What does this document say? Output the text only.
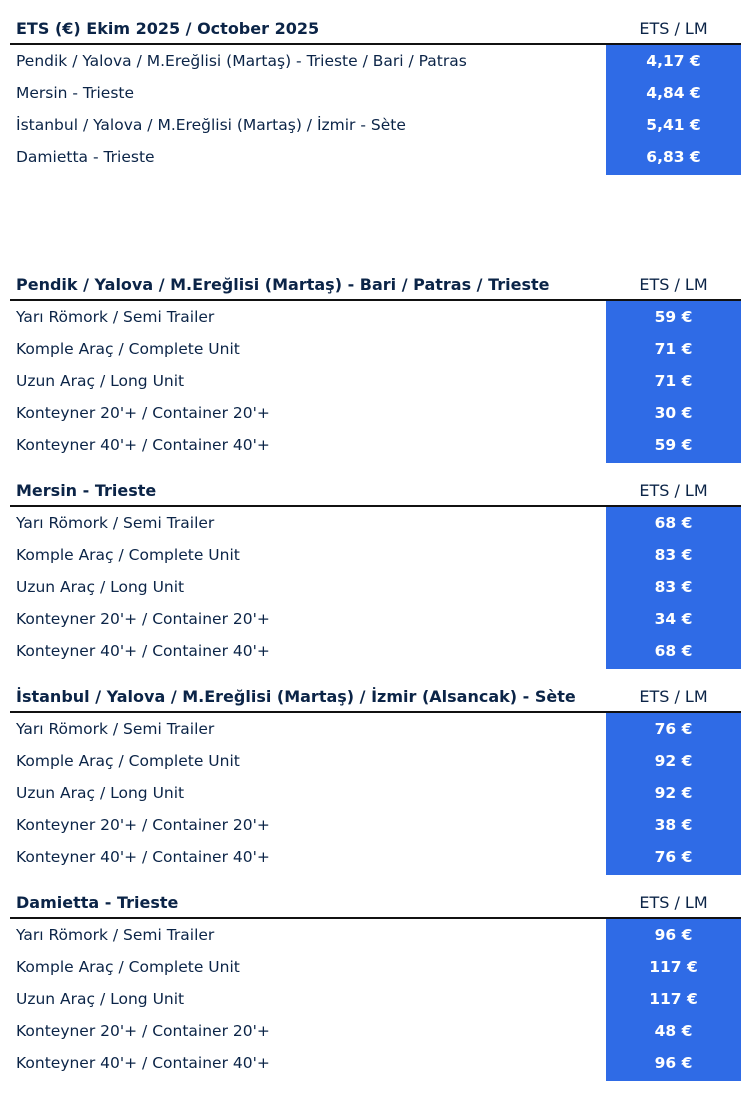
ETS (€) Ekim 2025 / October 2025	ETS / LM
Pendik / Yalova / M.Ereğlisi (Martaş) - Trieste / Bari / Patras	4,17 €
Mersin - Trieste	4,84 €
İstanbul / Yalova / M.Ereğlisi (Martaş) / İzmir - Sète	5,41 €
Damietta - Trieste	6,83 €
Pendik / Yalova / M.Ereğlisi (Martaş) - Bari / Patras / Trieste	ETS / LM
Yarı Römork / Semi Trailer	59 €
Komple Araç / Complete Unit	71 €
Uzun Araç / Long Unit	71 €
Konteyner 20'+ / Container 20'+	30 €
Konteyner 40'+ / Container 40'+	59 €
Mersin - Trieste	ETS / LM
Yarı Römork / Semi Trailer	68 €
Komple Araç / Complete Unit	83 €
Uzun Araç / Long Unit	83 €
Konteyner 20'+ / Container 20'+	34 €
Konteyner 40'+ / Container 40'+	68 €
İstanbul / Yalova / M.Ereğlisi (Martaş) / İzmir (Alsancak) - Sète	ETS / LM
Yarı Römork / Semi Trailer	76 €
Komple Araç / Complete Unit	92 €
Uzun Araç / Long Unit	92 €
Konteyner 20'+ / Container 20'+	38 €
Konteyner 40'+ / Container 40'+	76 €
Damietta - Trieste	ETS / LM
Yarı Römork / Semi Trailer	96 €
Komple Araç / Complete Unit	117 €
Uzun Araç / Long Unit	117 €
Konteyner 20'+ / Container 20'+	48 €
Konteyner 40'+ / Container 40'+	96 €
